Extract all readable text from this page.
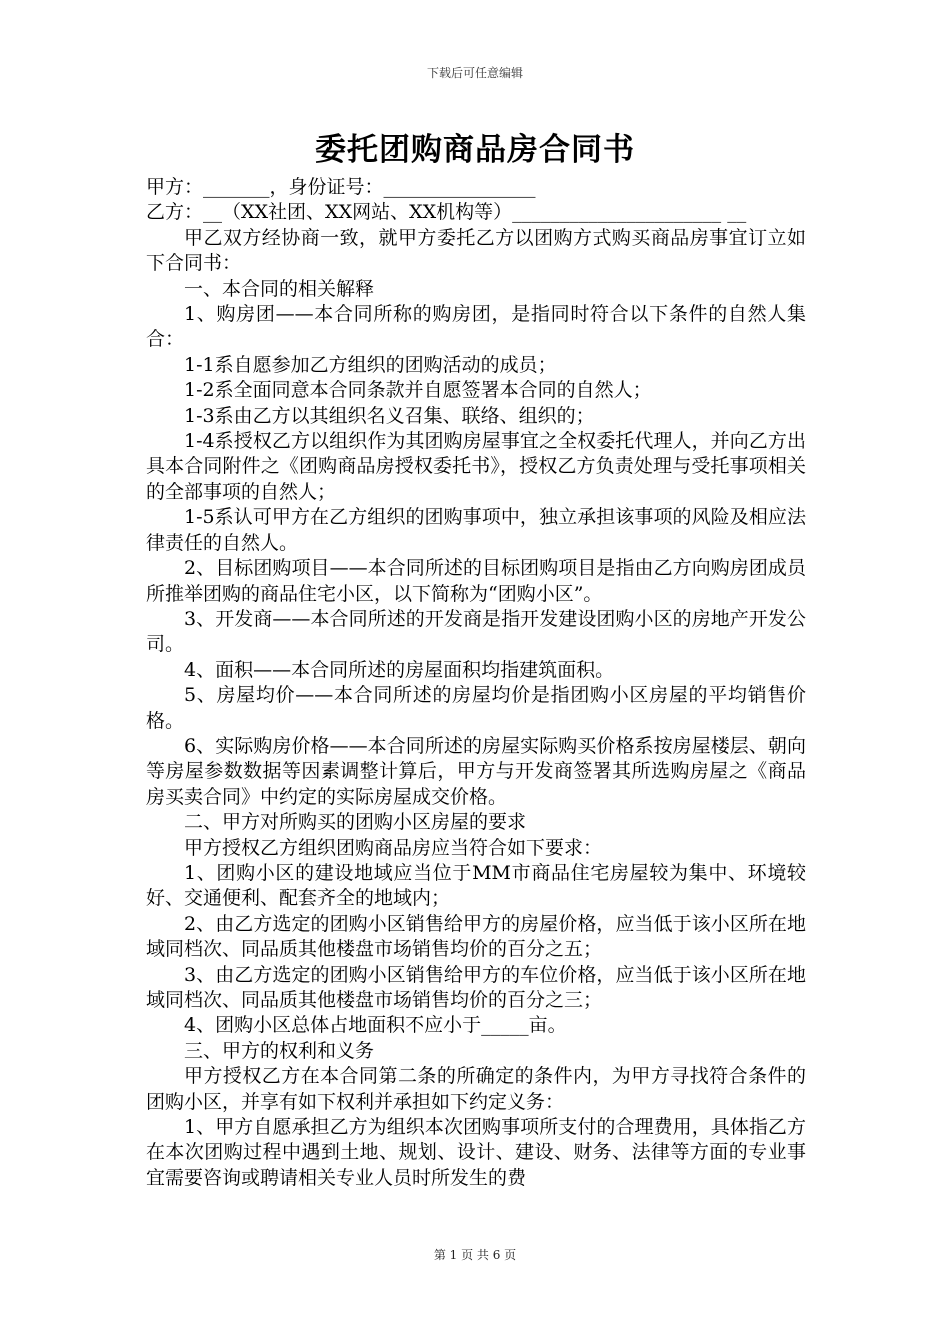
下载后可任意编辑
委托团购商品房合同书

甲方：_______，身份证号：________________

乙方：__（XX社团、XX网站、XX机构等）______________________ __

甲乙双方经协商一致，就甲方委托乙方以团购方式购买商品房事宜订立如下合同书：

一、本合同的相关解释

1、购房团——本合同所称的购房团，是指同时符合以下条件的自然人集合：

1-1系自愿参加乙方组织的团购活动的成员；

1-2系全面同意本合同条款并自愿签署本合同的自然人；

1-3系由乙方以其组织名义召集、联络、组织的；

1-4系授权乙方以组织作为其团购房屋事宜之全权委托代理人，并向乙方出具本合同附件之《团购商品房授权委托书》，授权乙方负责处理与受托事项相关的全部事项的自然人；

1-5系认可甲方在乙方组织的团购事项中，独立承担该事项的风险及相应法律责任的自然人。

2、目标团购项目——本合同所述的目标团购项目是指由乙方向购房团成员所推举团购的商品住宅小区，以下简称为“团购小区”。

3、开发商——本合同所述的开发商是指开发建设团购小区的房地产开发公司。

4、面积——本合同所述的房屋面积均指建筑面积。

5、房屋均价——本合同所述的房屋均价是指团购小区房屋的平均销售价格。

6、实际购房价格——本合同所述的房屋实际购买价格系按房屋楼层、朝向等房屋参数数据等因素调整计算后，甲方与开发商签署其所选购房屋之《商品房买卖合同》中约定的实际房屋成交价格。

二、甲方对所购买的团购小区房屋的要求

甲方授权乙方组织团购商品房应当符合如下要求：

1、团购小区的建设地域应当位于MM市商品住宅房屋较为集中、环境较好、交通便利、配套齐全的地域内；

2、由乙方选定的团购小区销售给甲方的房屋价格，应当低于该小区所在地域同档次、同品质其他楼盘市场销售均价的百分之五；

3、由乙方选定的团购小区销售给甲方的车位价格，应当低于该小区所在地域同档次、同品质其他楼盘市场销售均价的百分之三；

4、团购小区总体占地面积不应小于_____亩。

三、甲方的权利和义务

甲方授权乙方在本合同第二条的所确定的条件内，为甲方寻找符合条件的团购小区，并享有如下权利并承担如下约定义务：

1、甲方自愿承担乙方为组织本次团购事项所支付的合理费用，具体指乙方在本次团购过程中遇到土地、规划、设计、建设、财务、法律等方面的专业事宜需要咨询或聘请相关专业人员时所发生的费

第 1 页 共 6 页
